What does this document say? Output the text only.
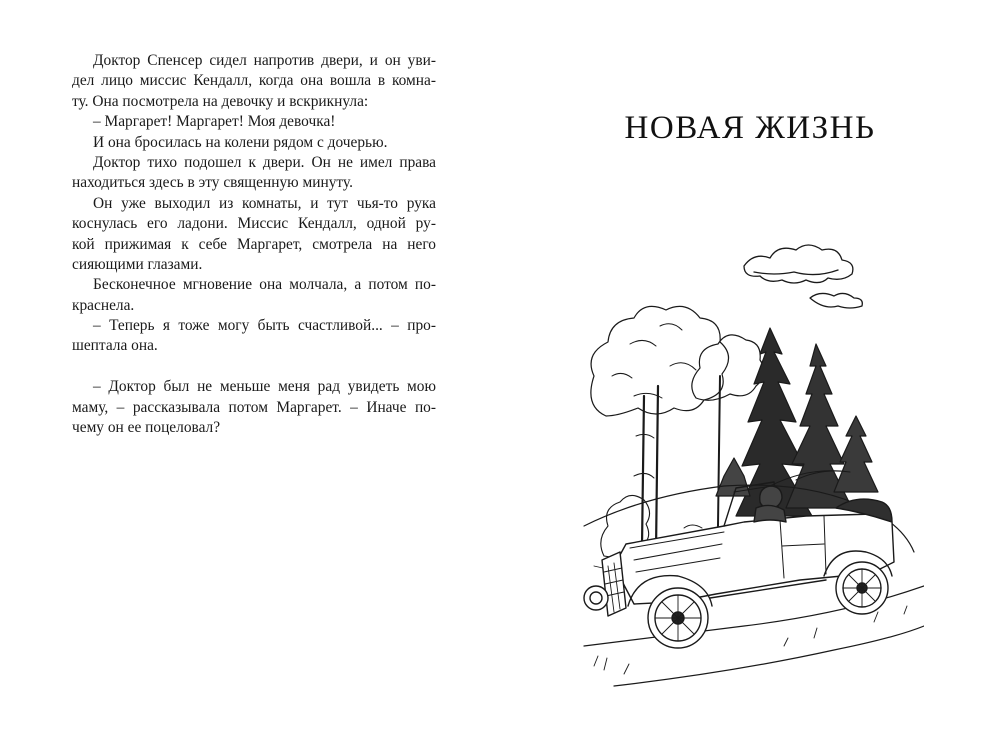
Доктор Спенсер сидел напротив двери, и он уви-
дел лицо миссис Кендалл, когда она вошла в комна-
ту. Она посмотрела на девочку и вскрикнула:
– Маргарет! Маргарет! Моя девочка!
И она бросилась на колени рядом с дочерью.
Доктор тихо подошел к двери. Он не имел права
находиться здесь в эту священную минуту.
Он уже выходил из комнаты, и тут чья-то рука
коснулась его ладони. Миссис Кендалл, одной ру-
кой прижимая к себе Маргарет, смотрела на него
сияющими глазами.
Бесконечное мгновение она молчала, а потом по-
краснела.
– Теперь я тоже могу быть счастливой... – про-
шептала она.
– Доктор был не меньше меня рад увидеть мою
маму, – рассказывала потом Маргарет. – Иначе по-
чему он ее поцеловал?
НОВАЯ ЖИЗНЬ
